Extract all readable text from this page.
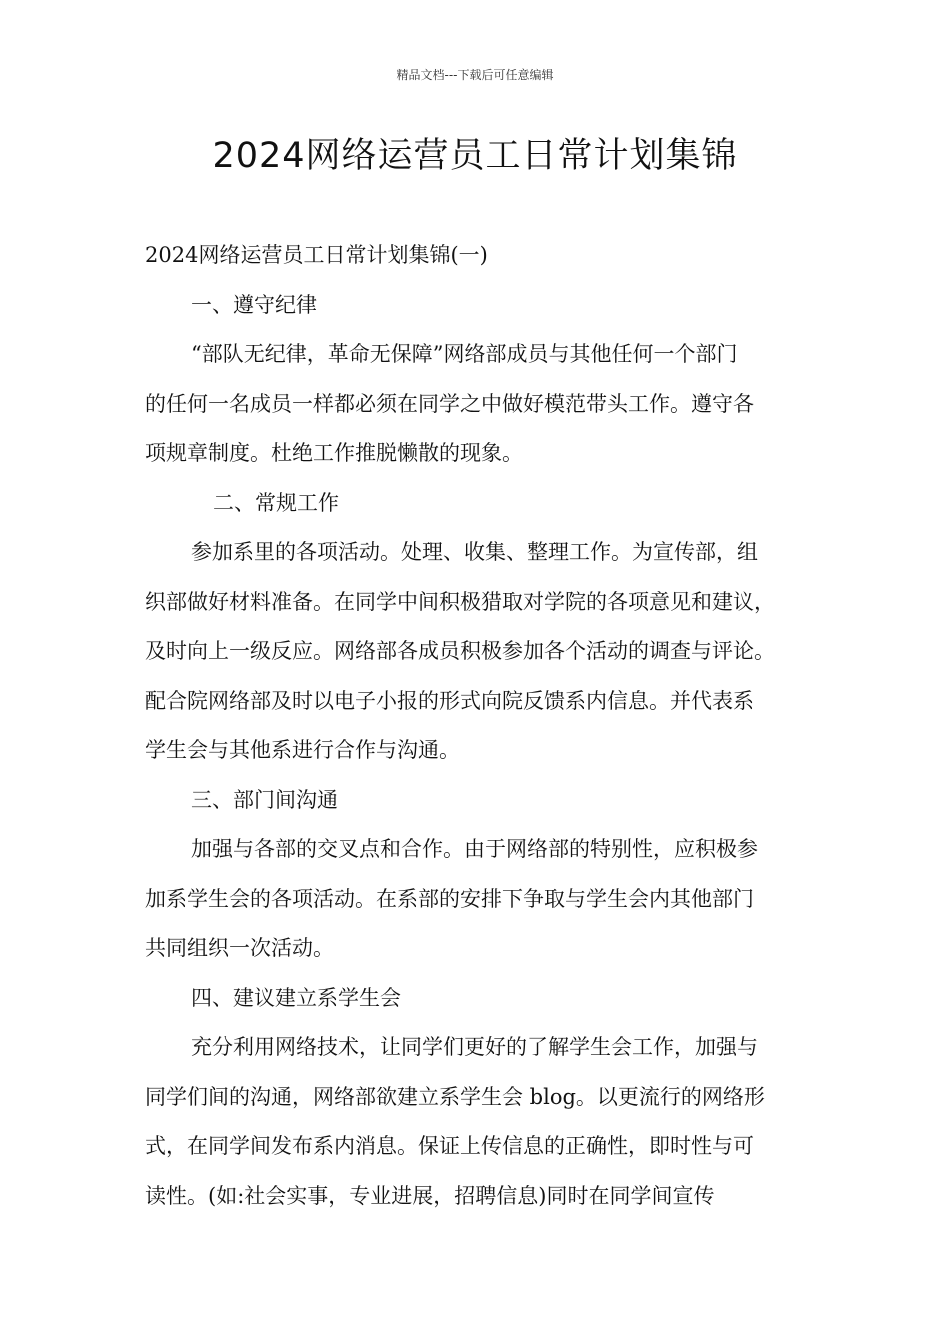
精品文档---下载后可任意编辑
2024网络运营员工日常计划集锦
2024网络运营员工日常计划集锦(一)
一、遵守纪律
“部队无纪律，革命无保障”网络部成员与其他任何一个部门
的任何一名成员一样都必须在同学之中做好模范带头工作。遵守各
项规章制度。杜绝工作推脱懒散的现象。
二、常规工作
参加系里的各项活动。处理、收集、整理工作。为宣传部，组
织部做好材料准备。在同学中间积极猎取对学院的各项意见和建议，
及时向上一级反应。网络部各成员积极参加各个活动的调查与评论。
配合院网络部及时以电子小报的形式向院反馈系内信息。并代表系
学生会与其他系进行合作与沟通。
三、部门间沟通
加强与各部的交叉点和合作。由于网络部的特别性，应积极参
加系学生会的各项活动。在系部的安排下争取与学生会内其他部门
共同组织一次活动。
四、建议建立系学生会
充分利用网络技术，让同学们更好的了解学生会工作，加强与
同学们间的沟通，网络部欲建立系学生会 blog。以更流行的网络形
式，在同学间发布系内消息。保证上传信息的正确性，即时性与可
读性。(如:社会实事，专业进展，招聘信息)同时在同学间宣传
